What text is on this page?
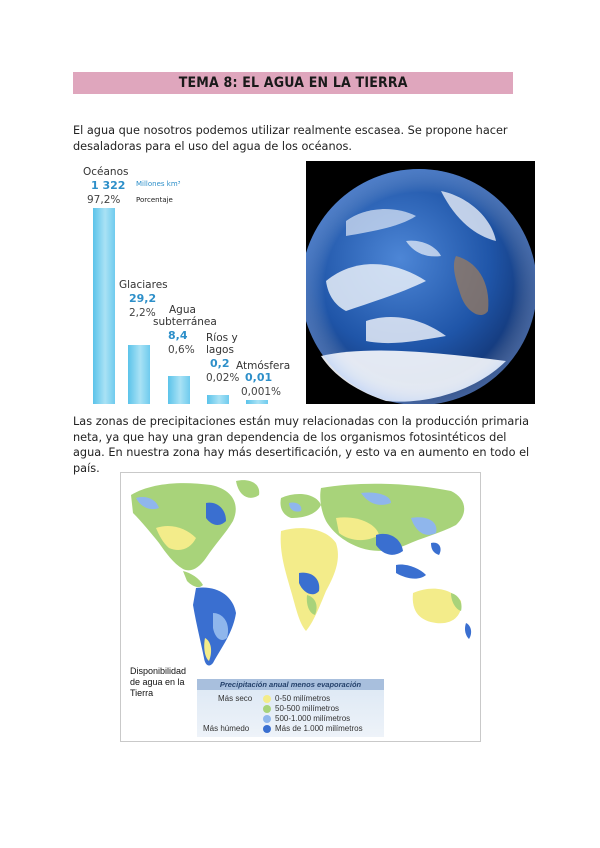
TEMA 8: EL AGUA EN LA TIERRA

El agua que nosotros podemos utilizar realmente escasea. Se propone hacer desaladoras para el uso del agua de los océanos.

Océanos
1 322
97,2%
Millones km³
Porcentaje
Glaciares
29,2
2,2% Agua
subterránea
8,4
0,6%
Ríos y
lagos
0,2
0,02%
Atmósfera
0,01
0,001%

Las zonas de precipitaciones están muy relacionadas con la producción primaria neta, ya que hay una gran dependencia de los organismos fotosintéticos del agua. En nuestra zona hay más desertificación, y esto va en aumento en todo el país.

Disponibilidad
de agua en la
Tierra
Precipitación anual menos evaporación
Más seco
Más húmedo
0-50 milímetros
50-500 milímetros
500-1.000 milímetros
Más de 1.000 milímetros
